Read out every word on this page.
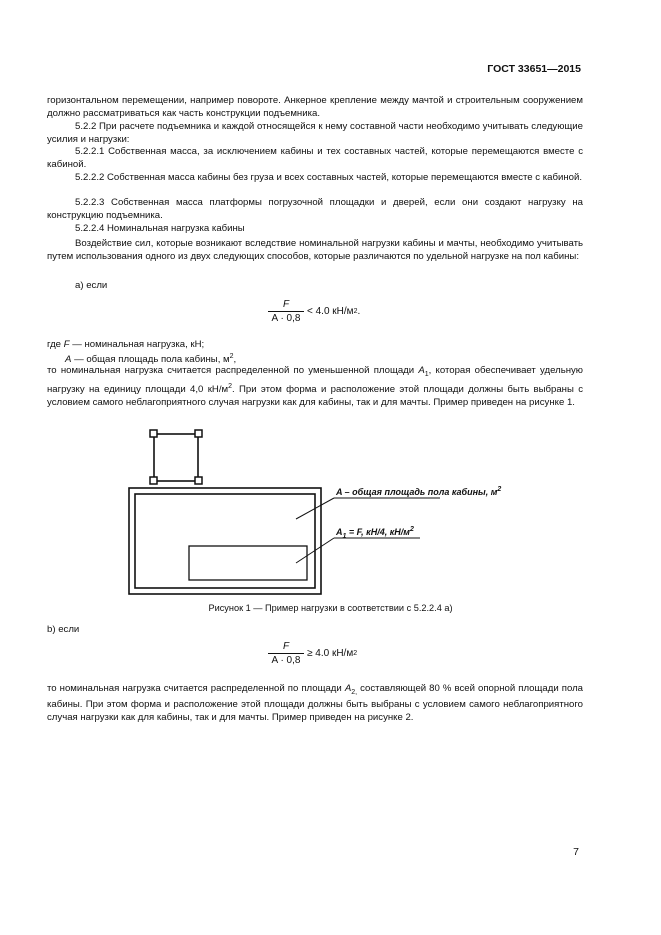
ГОСТ 33651—2015
горизонтальном перемещении, например повороте. Анкерное крепление между мачтой и строительным сооружением должно рассматриваться как часть конструкции подъемника.
5.2.2 При расчете подъемника и каждой относящейся к нему составной части необходимо учитывать следующие усилия и нагрузки:
5.2.2.1 Собственная масса, за исключением кабины и тех составных частей, которые перемещаются вместе с кабиной.
5.2.2.2 Собственная масса кабины без груза и всех составных частей, которые перемещаются вместе с кабиной.
5.2.2.3 Собственная масса платформы погрузочной площадки и дверей, если они создают нагрузку на конструкцию подъемника.
5.2.2.4 Номинальная нагрузка кабины
Воздействие сил, которые возникают вследствие номинальной нагрузки кабины и мачты, необходимо учитывать путем использования одного из двух следующих способов, которые различаются по удельной нагрузке на пол кабины:
a) если
$\frac{F}{A \cdot 0,8} < 4.0$ кН/м 2 .
где F — номинальная нагрузка, кН;
A — общая площадь пола кабины, $м^2$,
то номинальная нагрузка считается распределенной по уменьшенной площади $A_1$, которая обеспечивает удельную нагрузку на единицу площади 4,0 $кН/м^2$. При этом форма и расположение этой площади должны быть выбраны с условием самого неблагоприятного случая нагрузки как для кабины, так и для мачты. Пример приведен на рисунке 1.
A – общая площадь пола кабины, $м^2$
$A_1 = F$, кН/4, $кН/м^2$
Рисунок 1 — Пример нагрузки в соответствии с 5.2.2.4 а)
b) если
$\frac{F}{A \cdot 0,8} \ge 4.0$ кН/м 2
то номинальная нагрузка считается распределенной по площади $A_{2,}$ составляющей 80 % всей опорной площади пола кабины. При этом форма и расположение этой площади должны быть выбраны с условием самого неблагоприятного случая нагрузки как для кабины, так и для мачты. Пример приведен на рисунке 2.
7
